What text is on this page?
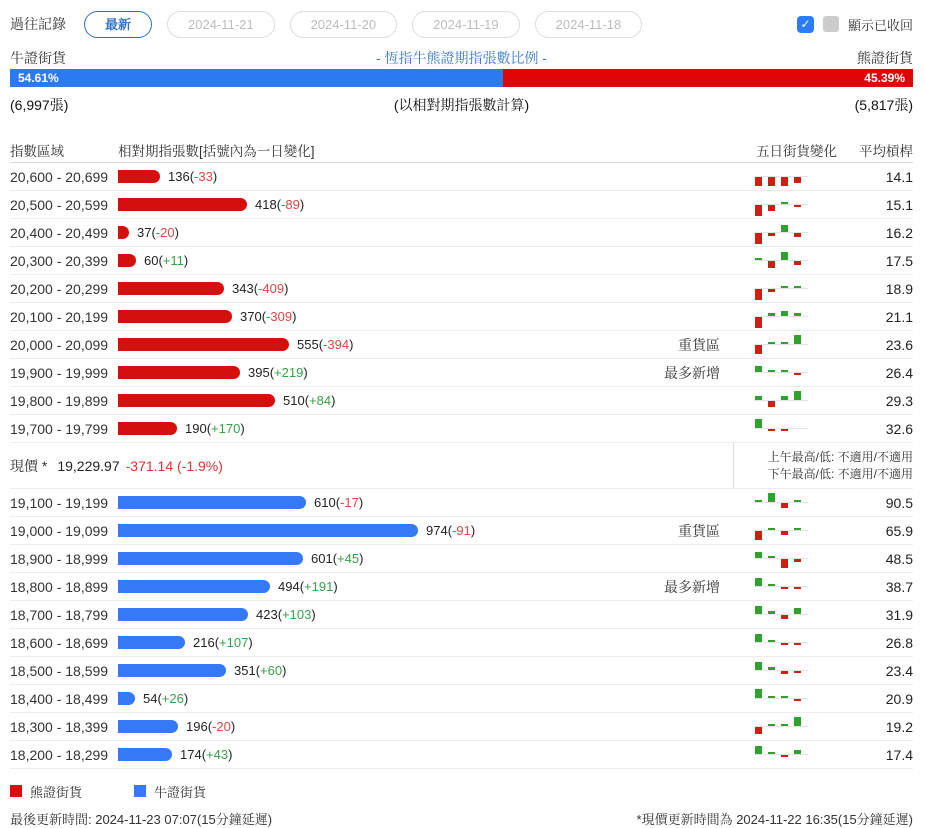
過往記錄	最新	2024-11-21	2024-11-20	2024-11-19	2024-11-18	✓	顯示已收回
牛證街貨	- 恆指牛熊證期指張數比例 -	熊證街貨
54.61%	45.39%
(6,997張)	(以相對期指張數計算)	(5,817張)
指數區域	相對期指張數[括號內為一日變化]	五日街貨變化	平均槓桿
20,600 - 20,699	136(-33)	14.1
20,500 - 20,599	418(-89)	15.1
20,400 - 20,499	37(-20)	16.2
20,300 - 20,399	60(+11)	17.5
20,200 - 20,299	343(-409)	18.9
20,100 - 20,199	370(-309)	21.1
20,000 - 20,099	555(-394)	重貨區	23.6
19,900 - 19,999	395(+219)	最多新增	26.4
19,800 - 19,899	510(+84)	29.3
19,700 - 19,799	190(+170)	32.6
現價 * 19,229.97 -371.14 (-1.9%)
上午最高/低: 不適用/不適用
下午最高/低: 不適用/不適用
19,100 - 19,199	610(-17)	90.5
19,000 - 19,099	974(-91)	重貨區	65.9
18,900 - 18,999	601(+45)	48.5
18,800 - 18,899	494(+191)	最多新增	38.7
18,700 - 18,799	423(+103)	31.9
18,600 - 18,699	216(+107)	26.8
18,500 - 18,599	351(+60)	23.4
18,400 - 18,499	54(+26)	20.9
18,300 - 18,399	196(-20)	19.2
18,200 - 18,299	174(+43)	17.4
熊證街貨	牛證街貨
最後更新時間: 2024-11-23 07:07(15分鐘延遲)	*現價更新時間為 2024-11-22 16:35(15分鐘延遲)
